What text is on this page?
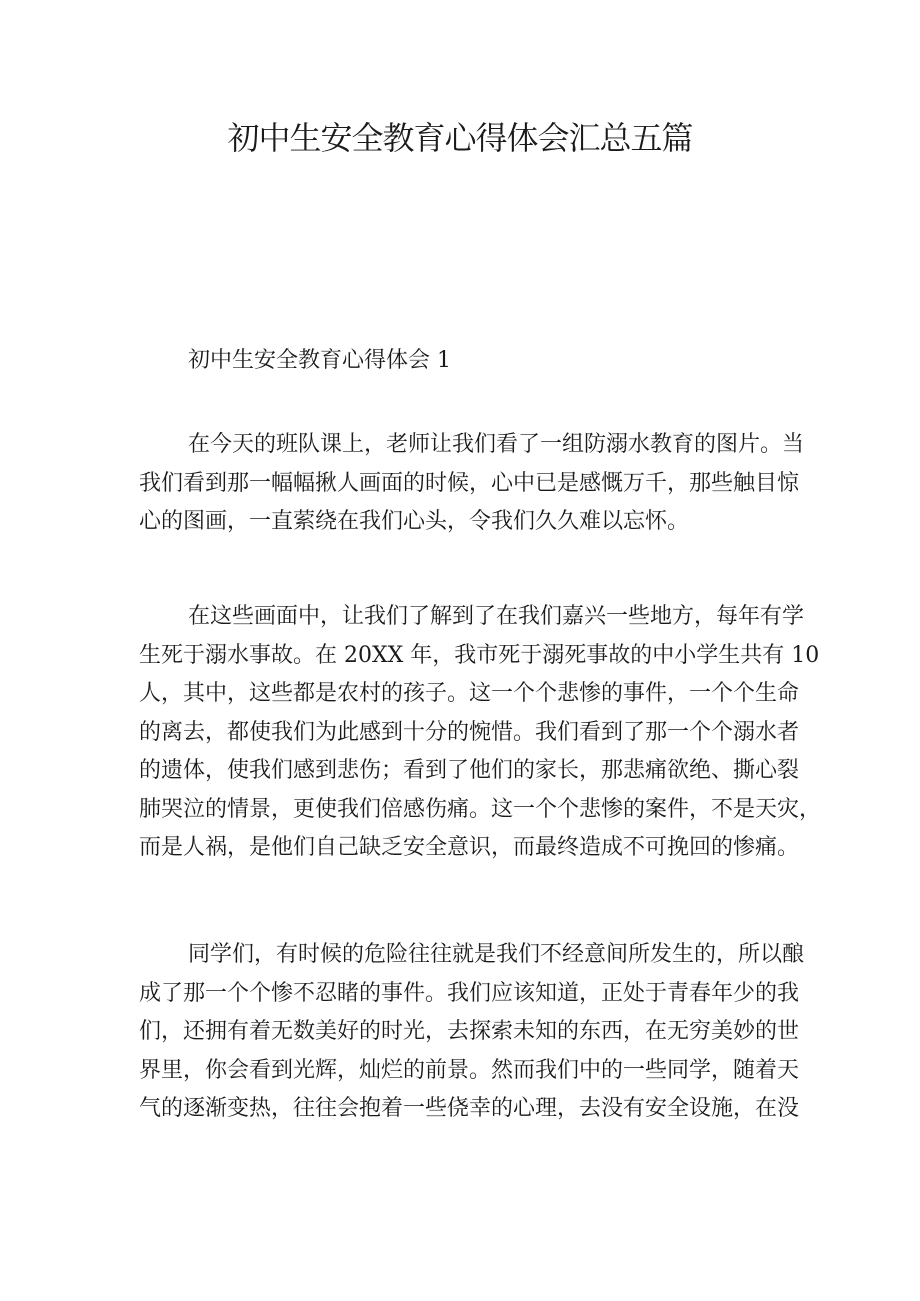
初中生安全教育心得体会汇总五篇
初中生安全教育心得体会 1
在今天的班队课上，老师让我们看了一组防溺水教育的图片。当
我们看到那一幅幅揪人画面的时候，心中已是感慨万千，那些触目惊
心的图画，一直萦绕在我们心头，令我们久久难以忘怀。
在这些画面中，让我们了解到了在我们嘉兴一些地方，每年有学
生死于溺水事故。在 20XX 年，我市死于溺死事故的中小学生共有 10
人，其中，这些都是农村的孩子。这一个个悲惨的事件，一个个生命
的离去，都使我们为此感到十分的惋惜。我们看到了那一个个溺水者
的遗体，使我们感到悲伤；看到了他们的家长，那悲痛欲绝、撕心裂
肺哭泣的情景，更使我们倍感伤痛。这一个个悲惨的案件，不是天灾，
而是人祸，是他们自己缺乏安全意识，而最终造成不可挽回的惨痛。
同学们，有时候的危险往往就是我们不经意间所发生的，所以酿
成了那一个个惨不忍睹的事件。我们应该知道，正处于青春年少的我
们，还拥有着无数美好的时光，去探索未知的东西，在无穷美妙的世
界里，你会看到光辉，灿烂的前景。然而我们中的一些同学，随着天
气的逐渐变热，往往会抱着一些侥幸的心理，去没有安全设施，在没
